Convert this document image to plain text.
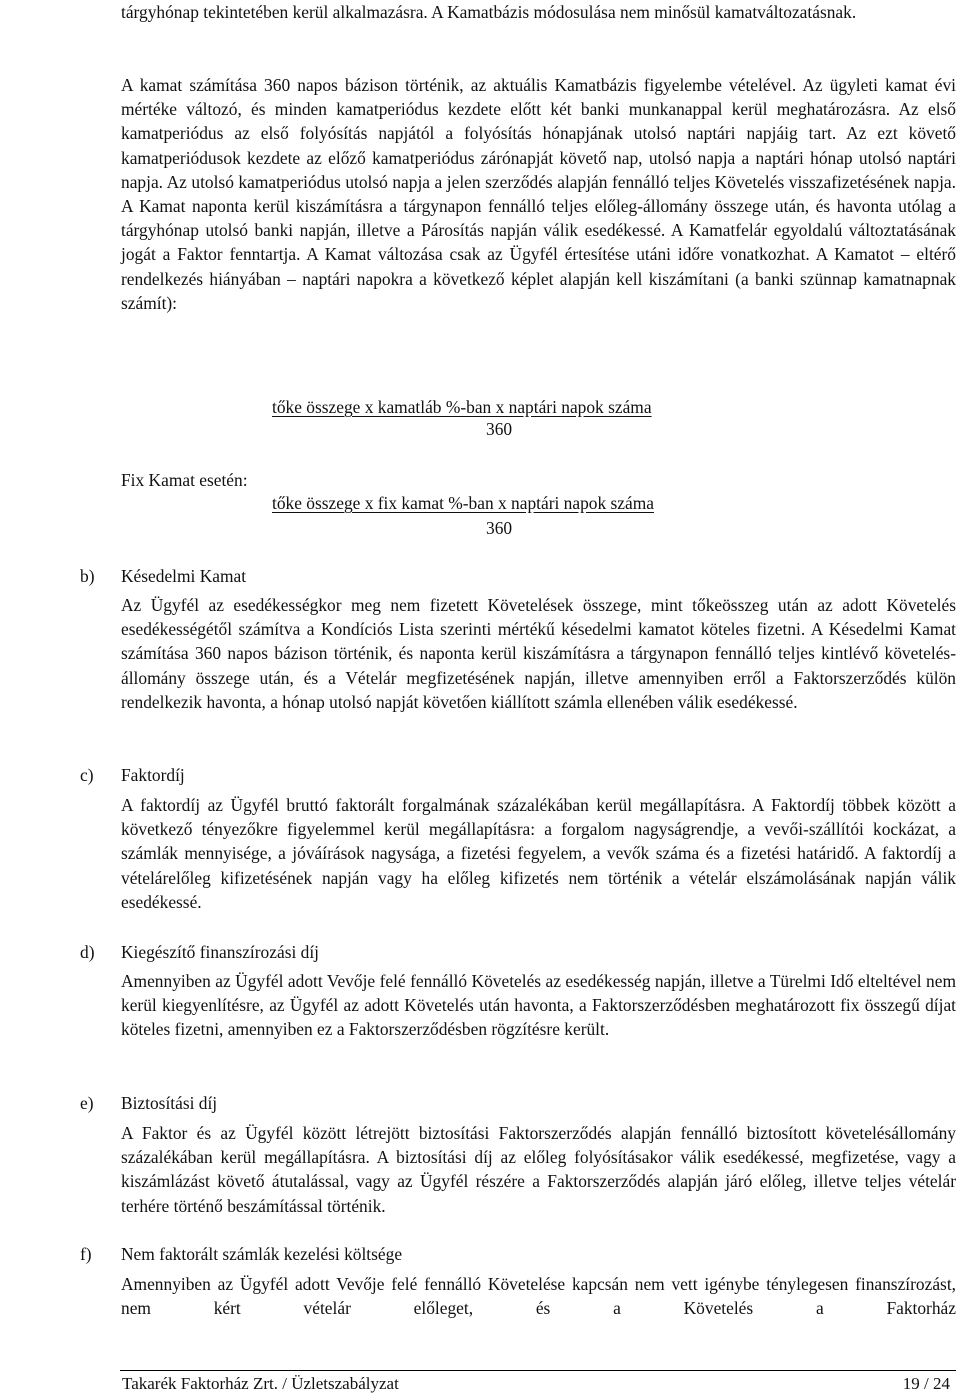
tárgyhónap tekintetében kerül alkalmazásra. A Kamatbázis módosulása nem minősül kamatváltozatásnak.

A kamat számítása 360 napos bázison történik, az aktuális Kamatbázis figyelembe vételével. Az ügyleti kamat évi mértéke változó, és minden kamatperiódus kezdete előtt két banki munkanappal kerül meghatározásra. Az első kamatperiódus az első folyósítás napjától a folyósítás hónapjának utolsó naptári napjáig tart. Az ezt követő kamatperiódusok kezdete az előző kamatperiódus zárónapját követő nap, utolsó napja a naptári hónap utolsó naptári napja. Az utolsó kamatperiódus utolsó napja a jelen szerződés alapján fennálló teljes Követelés visszafizetésének napja. A Kamat naponta kerül kiszámításra a tárgynapon fennálló teljes előleg-állomány összege után, és havonta utólag a tárgyhónap utolsó banki napján, illetve a Párosítás napján válik esedékessé. A Kamatfelár egyoldalú változtatásának jogát a Faktor fenntartja. A Kamat változása csak az Ügyfél értesítése utáni időre vonatkozhat. A Kamatot – eltérő rendelkezés hiányában – naptári napokra a következő képlet alapján kell kiszámítani (a banki szünnap kamatnapnak számít):

tőke összege x kamatláb %-ban x naptári napok száma

360

Fix Kamat esetén:

tőke összege x fix kamat %-ban x naptári napok száma

360

b) Késedelmi Kamat

Az Ügyfél az esedékességkor meg nem fizetett Követelések összege, mint tőkeösszeg után az adott Követelés esedékességétől számítva a Kondíciós Lista szerinti mértékű késedelmi kamatot köteles fizetni. A Késedelmi Kamat számítása 360 napos bázison történik, és naponta kerül kiszámításra a tárgynapon fennálló teljes kintlévő követelés-állomány összege után, és a Vételár megfizetésének napján, illetve amennyiben erről a Faktorszerződés külön rendelkezik havonta, a hónap utolsó napját követően kiállított számla ellenében válik esedékessé.

c) Faktordíj

A faktordíj az Ügyfél bruttó faktorált forgalmának százalékában kerül megállapításra. A Faktordíj többek között a következő tényezőkre figyelemmel kerül megállapításra: a forgalom nagyságrendje, a vevői-szállítói kockázat, a számlák mennyisége, a jóváírások nagysága, a fizetési fegyelem, a vevők száma és a fizetési határidő. A faktordíj a vételárelőleg kifizetésének napján vagy ha előleg kifizetés nem történik a vételár elszámolásának napján válik esedékessé.

d) Kiegészítő finanszírozási díj

Amennyiben az Ügyfél adott Vevője felé fennálló Követelés az esedékesség napján, illetve a Türelmi Idő elteltével nem kerül kiegyenlítésre, az Ügyfél az adott Követelés után havonta, a Faktorszerződésben meghatározott fix összegű díjat köteles fizetni, amennyiben ez a Faktorszerződésben rögzítésre került.

e) Biztosítási díj

A Faktor és az Ügyfél között létrejött biztosítási Faktorszerződés alapján fennálló biztosított követelésállomány százalékában kerül megállapításra. A biztosítási díj az előleg folyósításakor válik esedékessé, megfizetése, vagy a kiszámlázást követő átutalással, vagy az Ügyfél részére a Faktorszerződés alapján járó előleg, illetve teljes vételár terhére történő beszámítással történik.

f) Nem faktorált számlák kezelési költsége

Amennyiben az Ügyfél adott Vevője felé fennálló Követelése kapcsán nem vett igénybe ténylegesen finanszírozást, nem kért vételár előleget, és a Követelés a Faktorház

Takarék Faktorház Zrt. / Üzletszabályzat	19 / 24
